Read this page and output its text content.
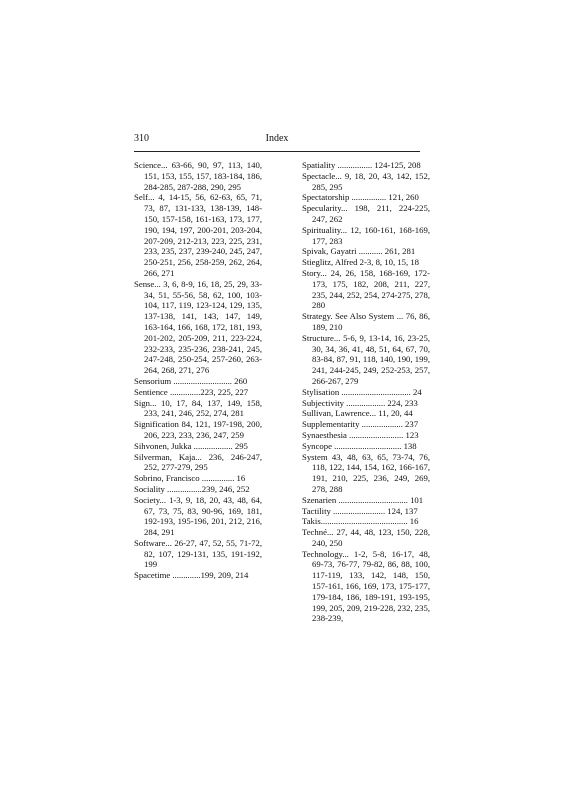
310	Index

Science... 63-66, 90, 97, 113, 140, 151, 153, 155, 157, 183-184, 186, 284-285, 287-288, 290, 295

Self... 4, 14-15, 56, 62-63, 65, 71, 73, 87, 131-133, 138-139, 148-150, 157-158, 161-163, 173, 177, 190, 194, 197, 200-201, 203-204, 207-209, 212-213, 223, 225, 231, 233, 235, 237, 239-240, 245, 247, 250-251, 256, 258-259, 262, 264, 266, 271

Sense... 3, 6, 8-9, 16, 18, 25, 29, 33-34, 51, 55-56, 58, 62, 100, 103-104, 117, 119, 123-124, 129, 135, 137-138, 141, 143, 147, 149, 163-164, 166, 168, 172, 181, 193, 201-202, 205-209, 211, 223-224, 232-233, 235-236, 238-241, 245, 247-248, 250-254, 257-260, 263-264, 268, 271, 276

Sensorium ........................... 260

Sentience ..............223, 225, 227

Sign... 10, 17, 84, 137, 149, 158, 233, 241, 246, 252, 274, 281

Signification 84, 121, 197-198, 200, 206, 223, 233, 236, 247, 259

Sihvonen, Jukka .................. 295

Silverman, Kaja... 236, 246-247, 252, 277-279, 295

Sobrino, Francisco ............... 16

Sociality ................239, 246, 252

Society... 1-3, 9, 18, 20, 43, 48, 64, 67, 73, 75, 83, 90-96, 169, 181, 192-193, 195-196, 201, 212, 216, 284, 291

Software... 26-27, 47, 52, 55, 71-72, 82, 107, 129-131, 135, 191-192, 199

Spacetime .............199, 209, 214

Spatiality ................ 124-125, 208

Spectacle... 9, 18, 20, 43, 142, 152, 285, 295

Spectatorship ................ 121, 260

Specularity... 198, 211, 224-225, 247, 262

Spirituality... 12, 160-161, 168-169, 177, 283

Spivak, Gayatri ........... 261, 281

Stieglitz, Alfred 2-3, 8, 10, 15, 18

Story... 24, 26, 158, 168-169, 172-173, 175, 182, 208, 211, 227, 235, 244, 252, 254, 274-275, 278, 280

Strategy. See Also System ... 76, 86, 189, 210

Structure... 5-6, 9, 13-14, 16, 23-25, 30, 34, 36, 41, 48, 51, 64, 67, 70, 83-84, 87, 91, 118, 140, 190, 199, 241, 244-245, 249, 252-253, 257, 266-267, 279

Stylisation ................................ 24

Subjectivity .................. 224, 233

Sullivan, Lawrence... 11, 20, 44

Supplementarity ................... 237

Synaesthesia ......................... 123

Syncope ............................... 138

System 43, 48, 63, 65, 73-74, 76, 118, 122, 144, 154, 162, 166-167, 191, 210, 225, 236, 249, 269, 278, 288

Szenarien ................................ 101

Tactility ........................ 124, 137

Takis........................................ 16

Techné... 27, 44, 48, 123, 150, 228, 240, 250

Technology... 1-2, 5-8, 16-17, 48, 69-73, 76-77, 79-82, 86, 88, 100, 117-119, 133, 142, 148, 150, 157-161, 166, 169, 173, 175-177, 179-184, 186, 189-191, 193-195, 199, 205, 209, 219-228, 232, 235, 238-239,
